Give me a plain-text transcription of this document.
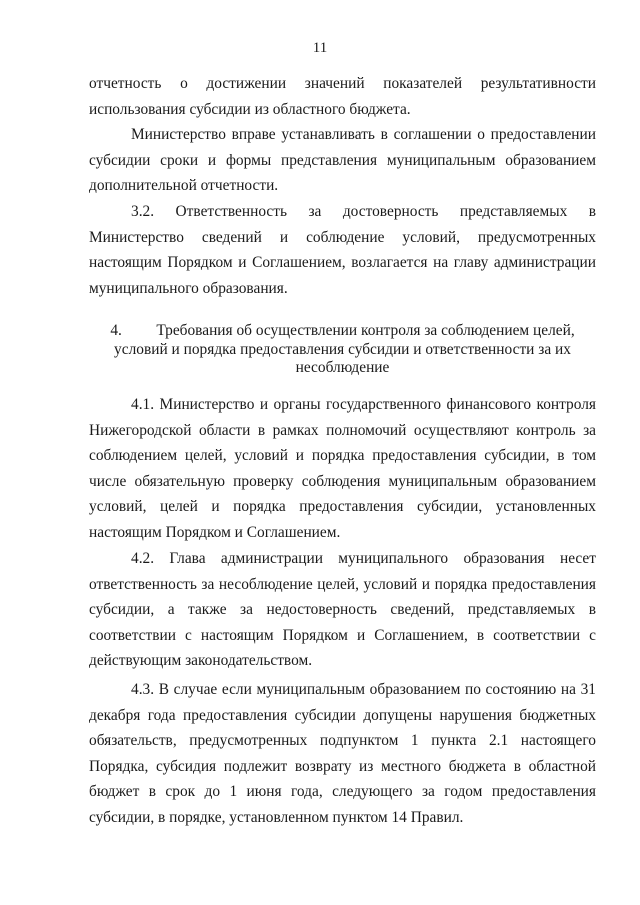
11

отчетность о достижении значений показателей результативности использования субсидии из областного бюджета.

Министерство вправе устанавливать в соглашении о предоставлении субсидии сроки и формы представления муниципальным образованием дополнительной отчетности.

3.2. Ответственность за достоверность представляемых в Министерство сведений и соблюдение условий, предусмотренных настоящим Порядком и Соглашением, возлагается на главу администрации муниципального образования.

4. Требования об осуществлении контроля за соблюдением целей,
условий и порядка предоставления субсидии и ответственности за их
несоблюдение

4.1. Министерство и органы государственного финансового контроля Нижегородской области в рамках полномочий осуществляют контроль за соблюдением целей, условий и порядка предоставления субсидии, в том числе обязательную проверку соблюдения муниципальным образованием условий, целей и порядка предоставления субсидии, установленных настоящим Порядком и Соглашением.

4.2. Глава администрации муниципального образования несет ответственность за несоблюдение целей, условий и порядка предоставления субсидии, а также за недостоверность сведений, представляемых в соответствии с настоящим Порядком и Соглашением, в соответствии с действующим законодательством.

4.3. В случае если муниципальным образованием по состоянию на 31 декабря года предоставления субсидии допущены нарушения бюджетных обязательств, предусмотренных подпунктом 1 пункта 2.1 настоящего Порядка, субсидия подлежит возврату из местного бюджета в областной бюджет в срок до 1 июня года, следующего за годом предоставления субсидии, в порядке, установленном пунктом 14 Правил.
